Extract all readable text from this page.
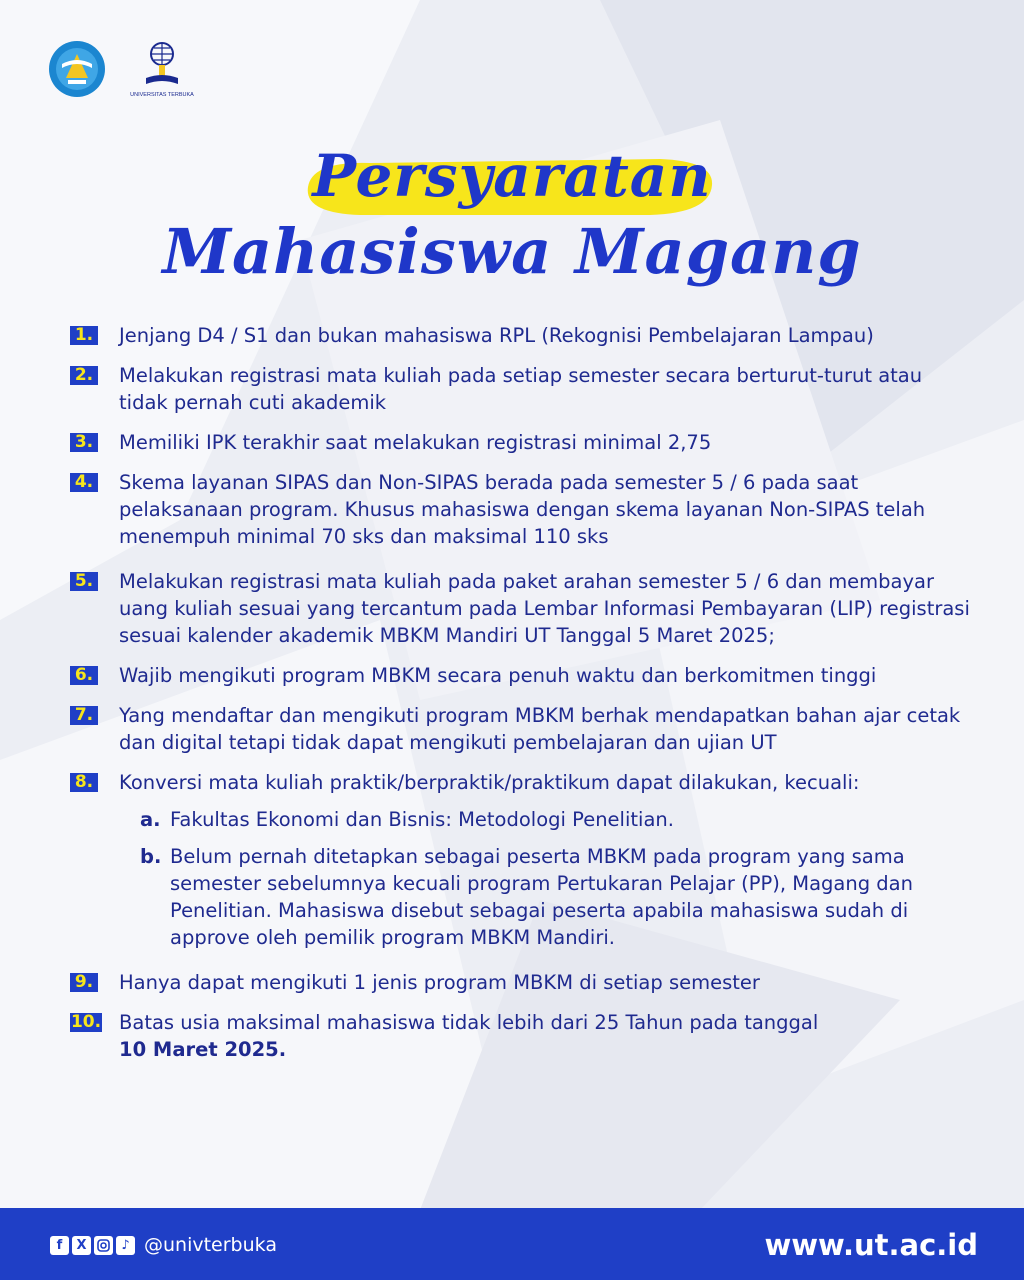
UNIVERSITAS TERBUKA
Persyaratan
Mahasiswa Magang
1. Jenjang D4 / S1 dan bukan mahasiswa RPL (Rekognisi Pembelajaran Lampau)
2. Melakukan registrasi mata kuliah pada setiap semester secara berturut-turut atau tidak pernah cuti akademik
3. Memiliki IPK terakhir saat melakukan registrasi minimal 2,75
4. Skema layanan SIPAS dan Non-SIPAS berada pada semester 5 / 6 pada saat pelaksanaan program. Khusus mahasiswa dengan skema layanan Non-SIPAS telah menempuh minimal 70 sks dan maksimal 110 sks
5. Melakukan registrasi mata kuliah pada paket arahan semester 5 / 6 dan membayar uang kuliah sesuai yang tercantum pada Lembar Informasi Pembayaran (LIP) registrasi sesuai kalender akademik MBKM Mandiri UT Tanggal 5 Maret 2025;
6. Wajib mengikuti program MBKM secara penuh waktu dan berkomitmen tinggi
7. Yang mendaftar dan mengikuti program MBKM berhak mendapatkan bahan ajar cetak dan digital tetapi tidak dapat mengikuti pembelajaran dan ujian UT
8. Konversi mata kuliah praktik/berpraktik/praktikum dapat dilakukan, kecuali:
a. Fakultas Ekonomi dan Bisnis: Metodologi Penelitian.
b. Belum pernah ditetapkan sebagai peserta MBKM pada program yang sama semester sebelumnya kecuali program Pertukaran Pelajar (PP), Magang dan Penelitian. Mahasiswa disebut sebagai peserta apabila mahasiswa sudah di approve oleh pemilik program MBKM Mandiri.
9. Hanya dapat mengikuti 1 jenis program MBKM di setiap semester
10. Batas usia maksimal mahasiswa tidak lebih dari 25 Tahun pada tanggal
10 Maret 2025.
f	X	♪ @univterbuka	www.ut.ac.id
